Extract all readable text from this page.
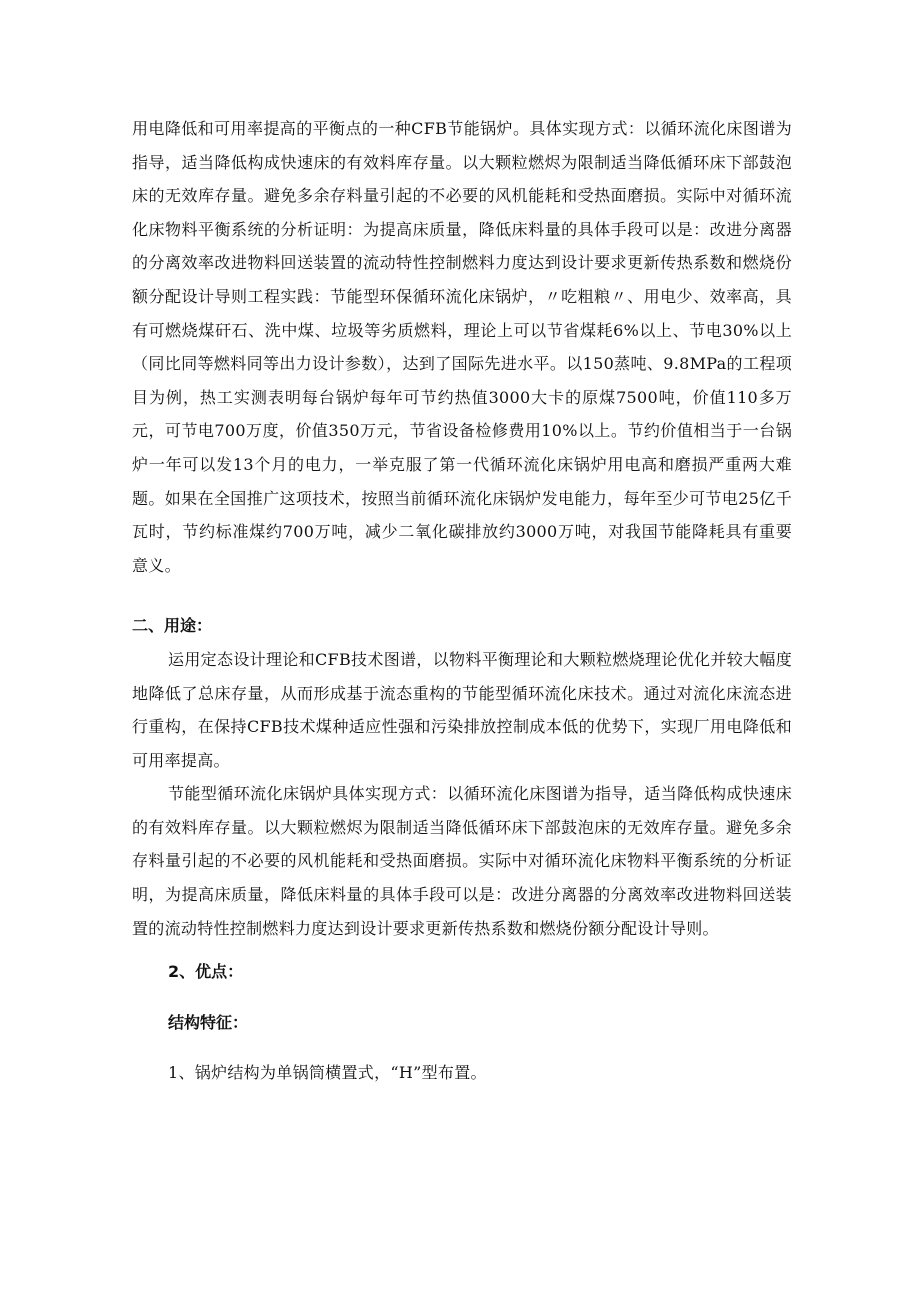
用电降低和可用率提高的平衡点的一种CFB节能锅炉。具体实现方式：以循环流化床图谱为指导，适当降低构成快速床的有效料库存量。以大颗粒燃烬为限制适当降低循环床下部鼓泡床的无效库存量。避免多余存料量引起的不必要的风机能耗和受热面磨损。实际中对循环流化床物料平衡系统的分析证明：为提高床质量，降低床料量的具体手段可以是：改进分离器的分离效率改进物料回送装置的流动特性控制燃料力度达到设计要求更新传热系数和燃烧份额分配设计导则工程实践：节能型环保循环流化床锅炉，〃吃粗粮〃、用电少、效率高，具有可燃烧煤矸石、洗中煤、垃圾等劣质燃料，理论上可以节省煤耗6%以上、节电30%以上（同比同等燃料同等出力设计参数），达到了国际先进水平。以150蒸吨、9.8MPa的工程项目为例，热工实测表明每台锅炉每年可节约热值3000大卡的原煤7500吨，价值110多万元，可节电700万度，价值350万元，节省设备检修费用10%以上。节约价值相当于一台锅炉一年可以发13个月的电力，一举克服了第一代循环流化床锅炉用电高和磨损严重两大难题。如果在全国推广这项技术，按照当前循环流化床锅炉发电能力，每年至少可节电25亿千瓦时，节约标准煤约700万吨，减少二氧化碳排放约3000万吨，对我国节能降耗具有重要意义。

二、用途：

运用定态设计理论和CFB技术图谱，以物料平衡理论和大颗粒燃烧理论优化并较大幅度地降低了总床存量，从而形成基于流态重构的节能型循环流化床技术。通过对流化床流态进行重构，在保持CFB技术煤种适应性强和污染排放控制成本低的优势下，实现厂用电降低和可用率提高。

节能型循环流化床锅炉具体实现方式：以循环流化床图谱为指导，适当降低构成快速床的有效料库存量。以大颗粒燃烬为限制适当降低循环床下部鼓泡床的无效库存量。避免多余存料量引起的不必要的风机能耗和受热面磨损。实际中对循环流化床物料平衡系统的分析证明，为提高床质量，降低床料量的具体手段可以是：改进分离器的分离效率改进物料回送装置的流动特性控制燃料力度达到设计要求更新传热系数和燃烧份额分配设计导则。

2、优点：

结构特征：

1、锅炉结构为单锅筒横置式，“H”型布置。
